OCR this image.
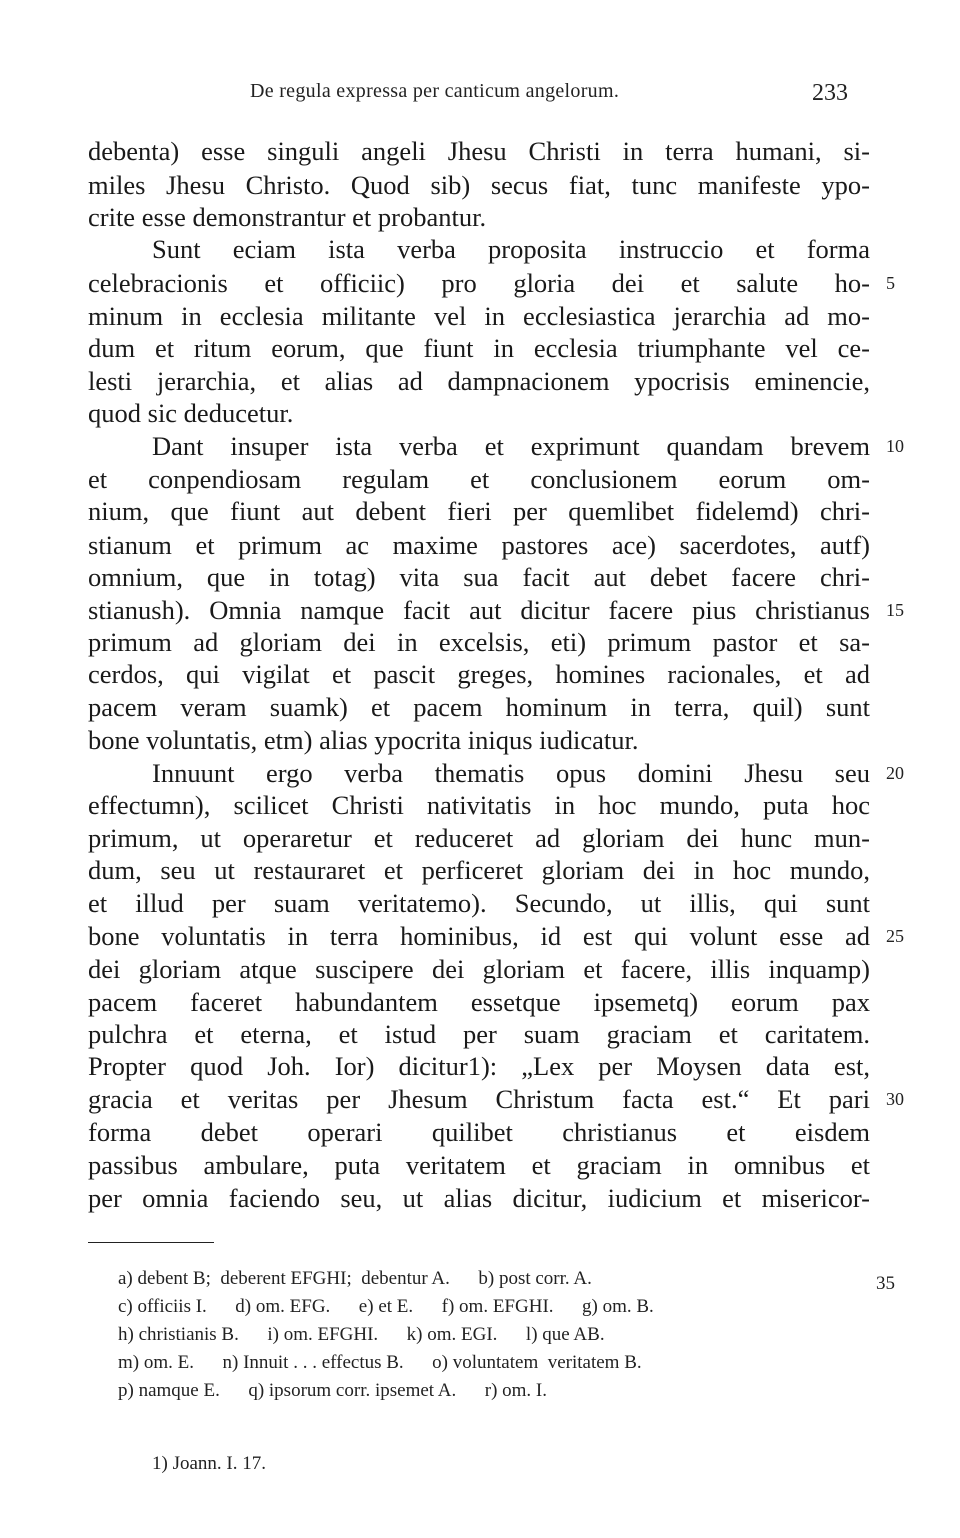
De regula expressa per canticum angelorum.	233
debenta) esse singuli angeli Jhesu Christi in terra humani, si-
miles Jhesu Christo. Quod sib) secus fiat, tunc manifeste ypo-
crite esse demonstrantur et probantur.
Sunt eciam ista verba proposita instruccio et forma
celebracionis et officiic) pro gloria dei et salute ho-
minum in ecclesia militante vel in ecclesiastica jerarchia ad mo-
dum et ritum eorum, que fiunt in ecclesia triumphante vel ce-
lesti jerarchia, et alias ad dampnacionem ypocrisis eminencie,
quod sic deducetur.
Dant insuper ista verba et exprimunt quandam brevem
et conpendiosam regulam et conclusionem eorum om-
nium, que fiunt aut debent fieri per quemlibet fidelemd) chri-
stianum et primum ac maxime pastores ace) sacerdotes, autf)
omnium, que in totag) vita sua facit aut debet facere chri-
stianush). Omnia namque facit aut dicitur facere pius christianus
primum ad gloriam dei in excelsis, eti) primum pastor et sa-
cerdos, qui vigilat et pascit greges, homines racionales, et ad
pacem veram suamk) et pacem hominum in terra, quil) sunt
bone voluntatis, etm) alias ypocrita iniqus iudicatur.
Innuunt ergo verba thematis opus domini Jhesu seu
effectumn), scilicet Christi nativitatis in hoc mundo, puta hoc
primum, ut operaretur et reduceret ad gloriam dei hunc mun-
dum, seu ut restauraret et perficeret gloriam dei in hoc mundo,
et illud per suam veritatemo). Secundo, ut illis, qui sunt
bone voluntatis in terra hominibus, id est qui volunt esse ad
dei gloriam atque suscipere dei gloriam et facere, illis inquamp)
pacem faceret habundantem essetque ipsemetq) eorum pax
pulchra et eterna, et istud per suam graciam et caritatem.
Propter quod Joh. Ior) dicitur1): „Lex per Moysen data est,
gracia et veritas per Jhesum Christum facta est.“ Et pari
forma debet operari quilibet christianus et eisdem
passibus ambulare, puta veritatem et graciam in omnibus et
per omnia faciendo seu, ut alias dicitur, iudicium et misericor-
5
10
15
20
25
30
a) debent B;  deberent EFGHI;  debentur A.      b) post corr. A.
c) officiis I.      d) om. EFG.      e) et E.      f) om. EFGHI.      g) om. B.
h) christianis B.      i) om. EFGHI.      k) om. EGI.      l) que AB.
m) om. E.      n) Innuit . . . effectus B.      o) voluntatem  veritatem B.
p) namque E.      q) ipsorum corr. ipsemet A.      r) om. I.
35
1) Joann. I. 17.
